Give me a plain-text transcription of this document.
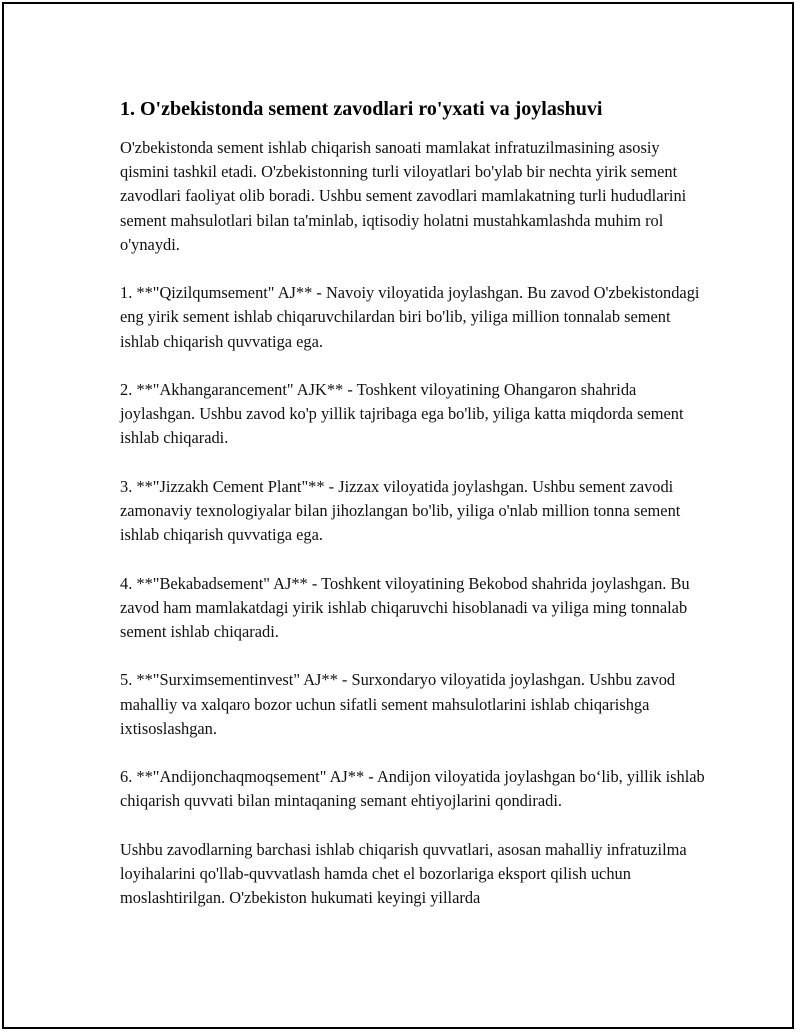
1. O'zbekistonda sement zavodlari ro'yxati va joylashuvi

O'zbekistonda sement ishlab chiqarish sanoati mamlakat infratuzilmasining asosiy qismini tashkil etadi. O'zbekistonning turli viloyatlari bo'ylab bir nechta yirik sement zavodlari faoliyat olib boradi. Ushbu sement zavodlari mamlakatning turli hududlarini sement mahsulotlari bilan ta'minlab, iqtisodiy holatni mustahkamlashda muhim rol o'ynaydi.

1. **"Qizilqumsement" AJ** - Navoiy viloyatida joylashgan. Bu zavod O'zbekistondagi eng yirik sement ishlab chiqaruvchilardan biri bo'lib, yiliga million tonnalab sement ishlab chiqarish quvvatiga ega.

2. **"Akhangarancement" AJK** - Toshkent viloyatining Ohangaron shahrida joylashgan. Ushbu zavod ko'p yillik tajribaga ega bo'lib, yiliga katta miqdorda sement ishlab chiqaradi.

3. **"Jizzakh Cement Plant"** - Jizzax viloyatida joylashgan. Ushbu sement zavodi zamonaviy texnologiyalar bilan jihozlangan bo'lib, yiliga o'nlab million tonna sement ishlab chiqarish quvvatiga ega.

4. **"Bekabadsement" AJ** - Toshkent viloyatining Bekobod shahrida joylashgan. Bu zavod ham mamlakatdagi yirik ishlab chiqaruvchi hisoblanadi va yiliga ming tonnalab sement ishlab chiqaradi.

5. **"Surximsementinvest" AJ** - Surxondaryo viloyatida joylashgan. Ushbu zavod mahalliy va xalqaro bozor uchun sifatli sement mahsulotlarini ishlab chiqarishga ixtisoslashgan.

6. **"Andijonchaqmoqsement" AJ** - Andijon viloyatida joylashgan bo‘lib, yillik ishlab chiqarish quvvati bilan mintaqaning semant ehtiyojlarini qondiradi.

Ushbu zavodlarning barchasi ishlab chiqarish quvvatlari, asosan mahalliy infratuzilma loyihalarini qo'llab-quvvatlash hamda chet el bozorlariga eksport qilish uchun moslashtirilgan. O'zbekiston hukumati keyingi yillarda
